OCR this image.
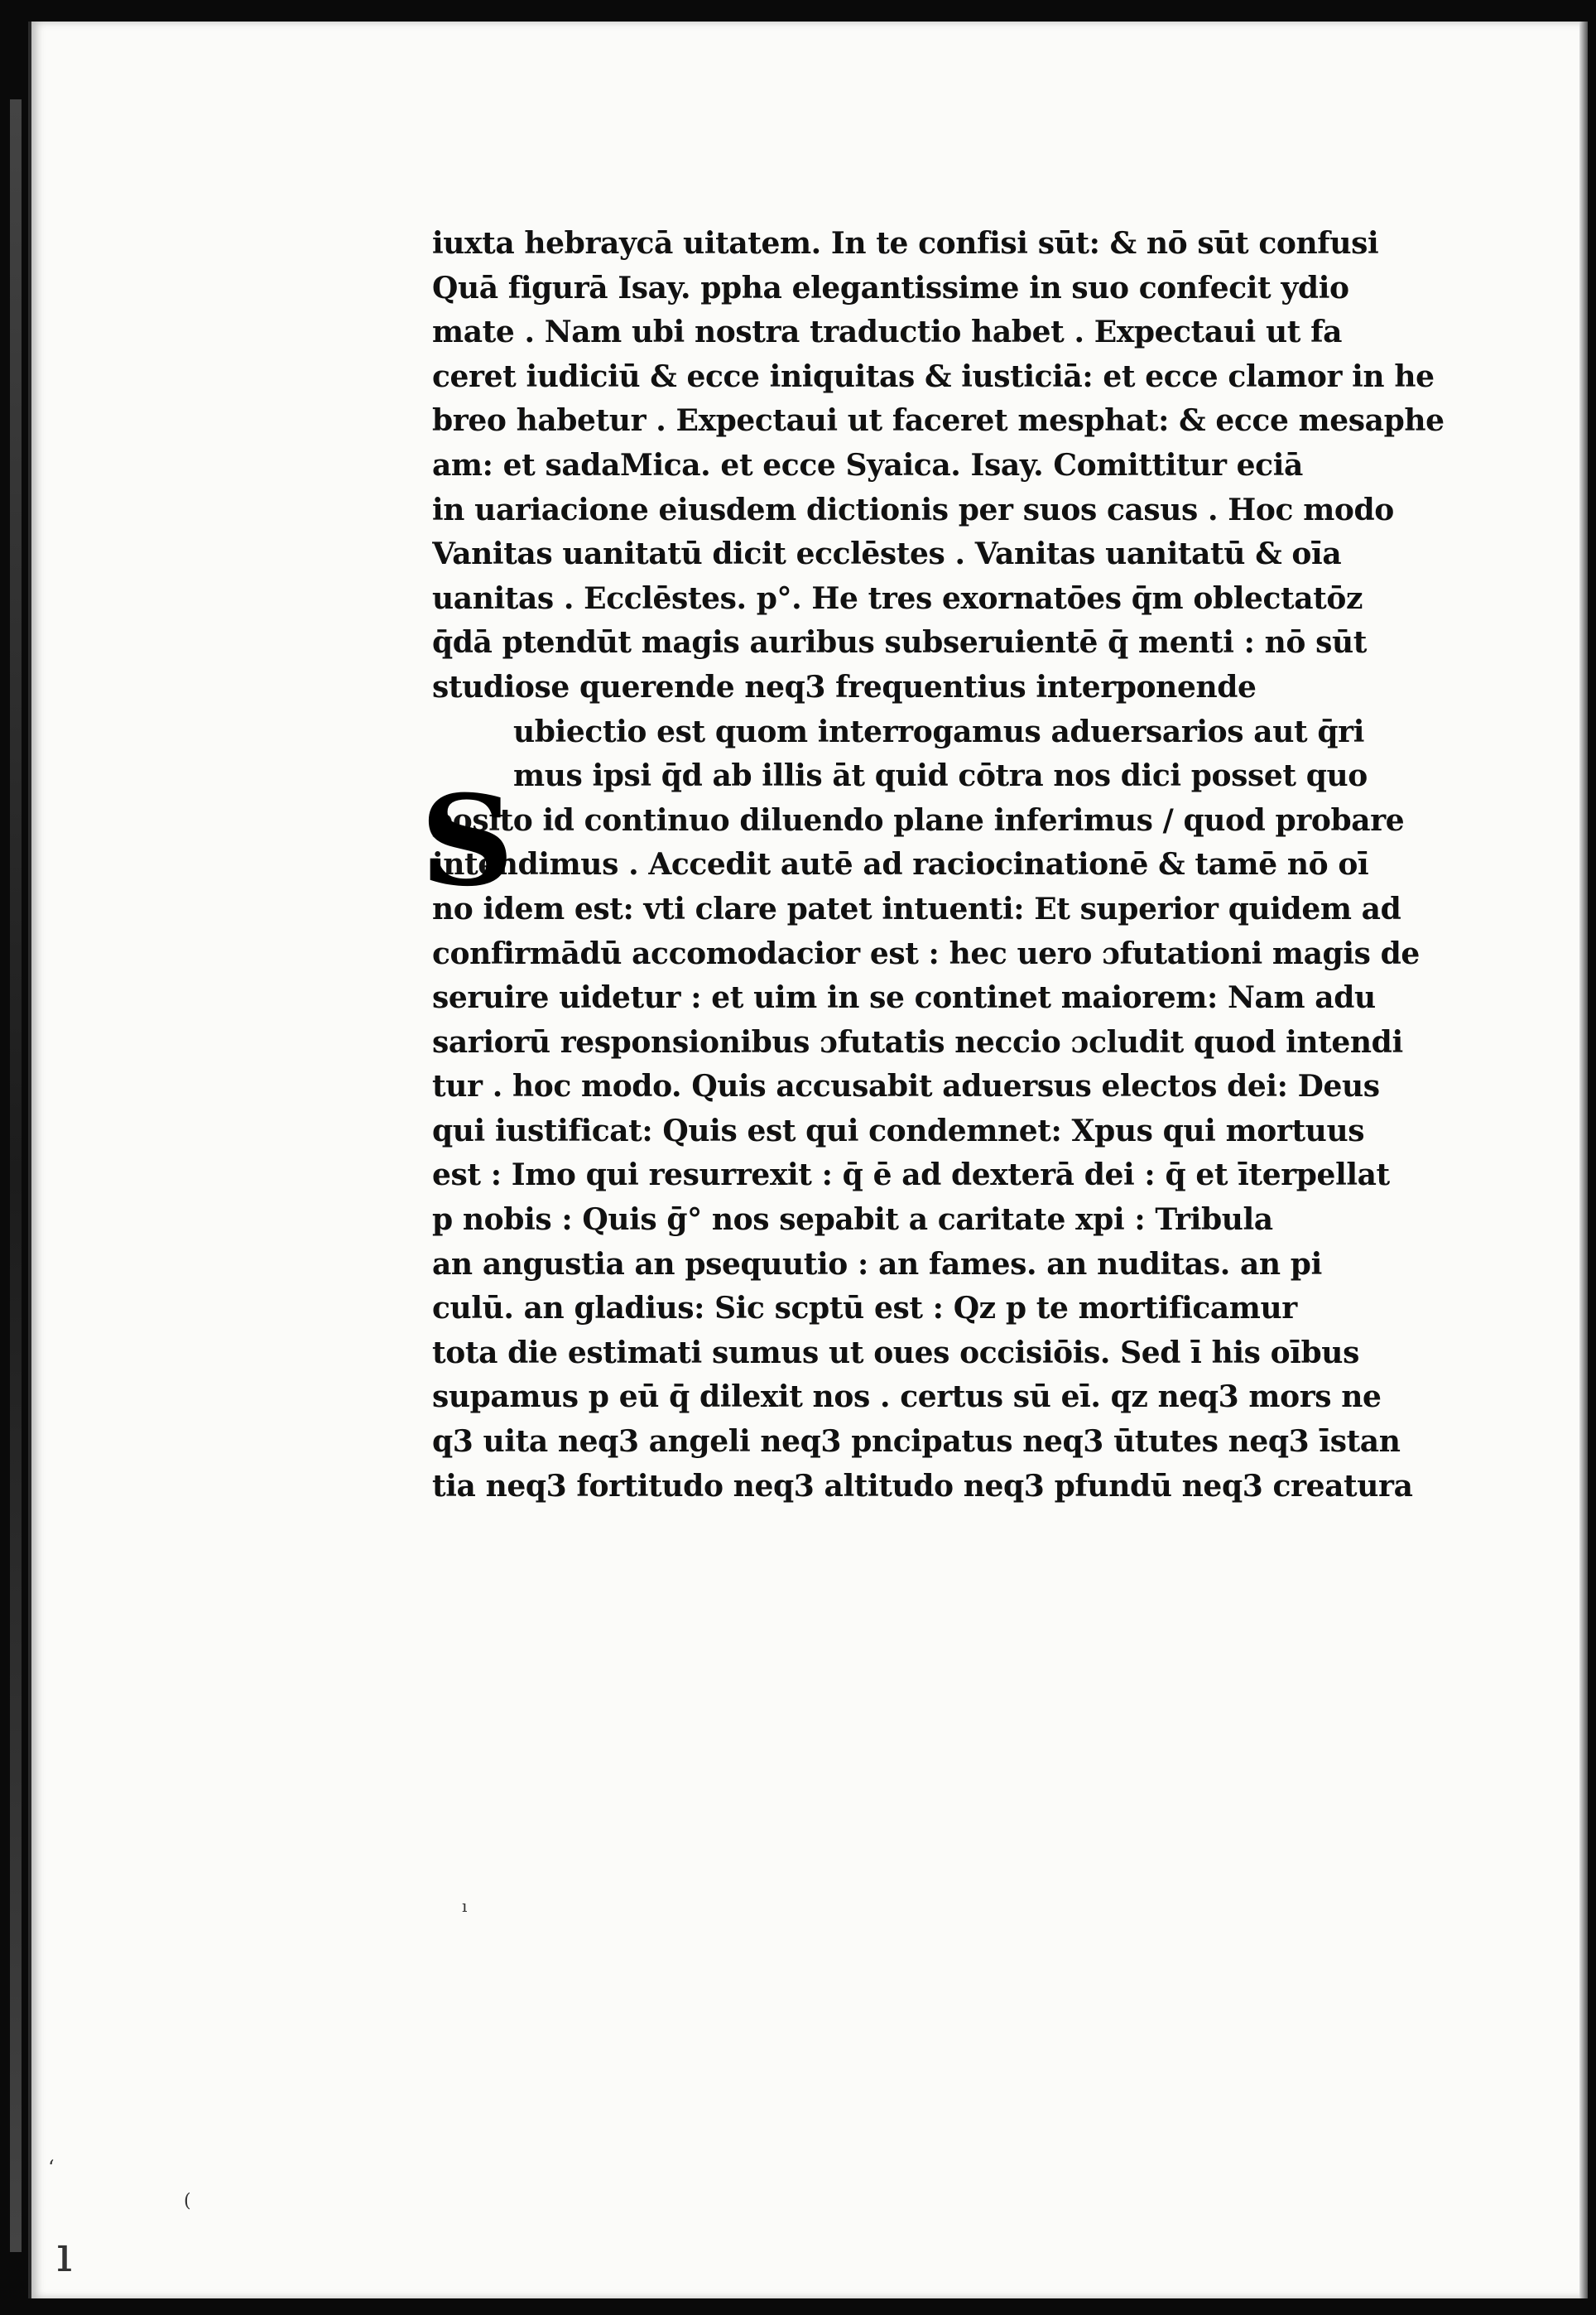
S
iuxta hebraycā uitatem. In te confisi sūt: & nō sūt confusi
Quā figurā Isay. ppha elegantissime in suo confecit ydio
mate . Nam ubi nostra traductio habet . Expectaui ut fa
ceret iudiciū & ecce iniquitas & iusticiā: et ecce clamor in he
breo habetur . Expectaui ut faceret mesphat: & ecce mesaphe
am: et sadaMica. et ecce Syaica. Isay. Comittitur eciā
in uariacione eiusdem dictionis per suos casus . Hoc modo
Vanitas uanitatū dicit ecclēstes . Vanitas uanitatū & oīa
uanitas . Ecclēstes. p°. He tres exornatōes q̄m oblectatōz
q̄dā ptendūt magis auribus subseruientē q̄ menti : nō sūt
studiose querende neq3 frequentius interponende
ubiectio est quom interrogamus aduersarios aut q̄ri
mus ipsi q̄d ab illis āt quid cōtra nos dici posset quo
posito id continuo diluendo plane inferimus / quod probare
intendimus . Accedit autē ad raciocinationē & tamē nō oī
no idem est: vti clare patet intuenti: Et superior quidem ad
confirmādū accomodacior est : hec uero ɔfutationi magis de
seruire uidetur : et uim in se continet maiorem: Nam adu
sariorū responsionibus ɔfutatis neccio ɔcludit quod intendi
tur . hoc modo. Quis accusabit aduersus electos dei: Deus
qui iustificat: Quis est qui condemnet: Xpus qui mortuus
est : Imo qui resurrexit : q̄ ē ad dexterā dei : q̄ et īterpellat
p nobis : Quis ḡ° nos sepabit a caritate xpi : Tribula
an angustia an psequutio : an fames. an nuditas. an pi
culū. an gladius: Sic scptū est : Qz p te mortificamur
tota die estimati sumus ut oues occisiōis. Sed ī his oībus
supamus p eū q̄ dilexit nos . certus sū eī. qz neq3 mors ne
q3 uita neq3 angeli neq3 pncipatus neq3 ūtutes neq3 īstan
tia neq3 fortitudo neq3 altitudo neq3 pfundū neq3 creatura
ı
ʻ
(
ı
